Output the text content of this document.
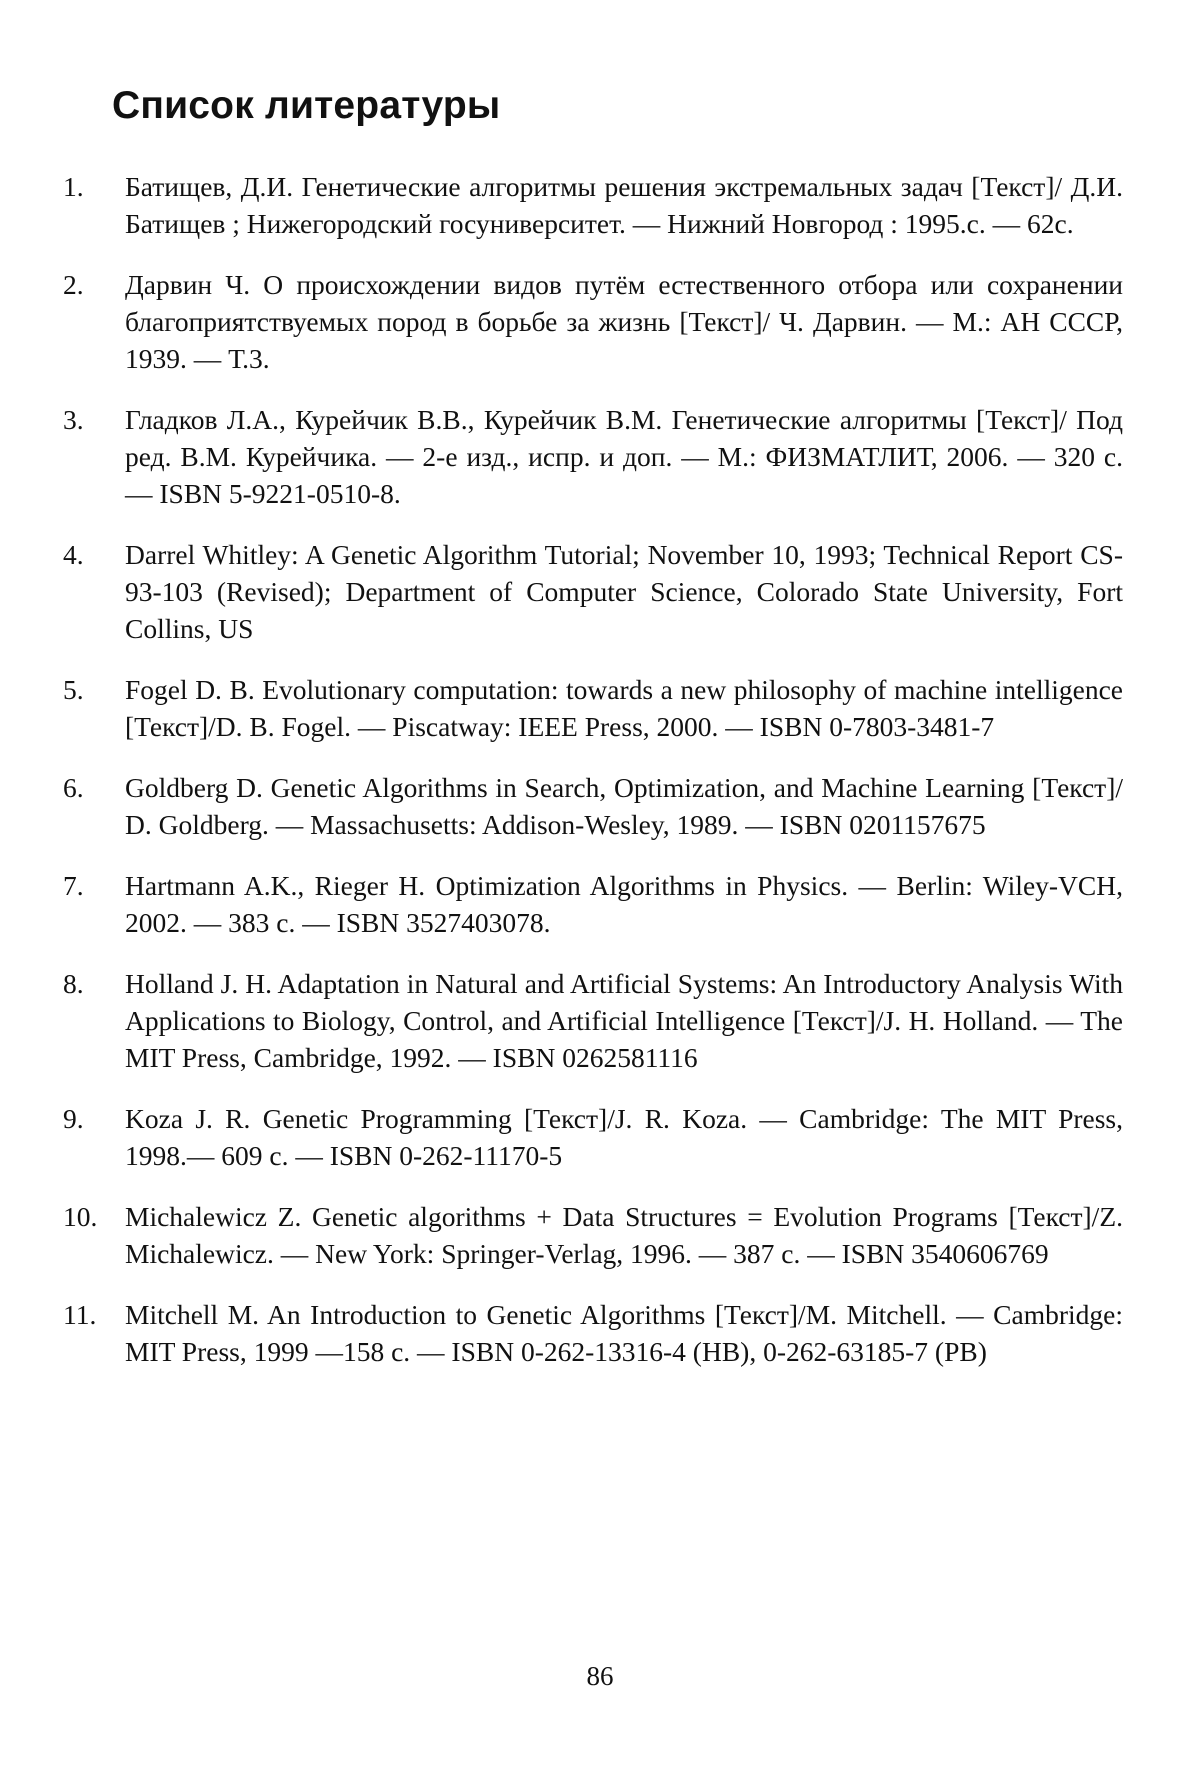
Список литературы
1.	Батищев, Д.И. Генетические алгоритмы решения экстремальных задач [Текст]/ Д.И. Батищев ; Нижегородский госуниверситет. — Нижний Новгород : 1995.с. — 62с.
2.	Дарвин Ч. О происхождении видов путём естественного отбора или сохранении благоприятствуемых пород в борьбе за жизнь [Текст]/ Ч. Дарвин. — М.: АН СССР, 1939. — Т.3.
3.	Гладков Л.А., Курейчик В.В., Курейчик В.М. Генетические алгоритмы [Текст]/ Под ред. В.М. Курейчика. — 2-е изд., испр. и доп. — М.: ФИЗМАТЛИТ, 2006. — 320 с. — ISBN 5-9221-0510-8.
4.	Darrel Whitley: A Genetic Algorithm Tutorial; November 10, 1993; Technical Report CS-93-103 (Revised); Department of Computer Science, Colorado State University, Fort Collins, US
5.	Fogel D. B. Evolutionary computation: towards a new philosophy of machine intelligence [Текст]/D. B. Fogel. — Piscatway: IEEE Press, 2000. — ISBN 0-7803-3481-7
6.	Goldberg D. Genetic Algorithms in Search, Optimization, and Machine Learning [Текст]/ D. Goldberg. — Massachusetts: Addison-Wesley, 1989. — ISBN 0201157675
7.	Hartmann A.K., Rieger H. Optimization Algorithms in Physics. — Berlin: Wiley-VCH, 2002. — 383 с. — ISBN 3527403078.
8.	Holland J. H. Adaptation in Natural and Artificial Systems: An Introductory Analysis With Applications to Biology, Control, and Artificial Intelligence [Текст]/J. H. Holland. — The MIT Press, Cambridge, 1992. — ISBN 0262581116
9.	Koza J. R. Genetic Programming [Текст]/J. R. Koza. — Cambridge: The MIT Press, 1998.— 609 с. — ISBN 0-262-11170-5
10.	Michalewicz Z. Genetic algorithms + Data Structures = Evolution Programs [Текст]/Z. Michalewicz. — New York: Springer-Verlag, 1996. — 387 с. — ISBN 3540606769
11.	Mitchell M. An Introduction to Genetic Algorithms [Текст]/M. Mitchell. — Cambridge: MIT Press, 1999 —158 с. — ISBN 0-262-13316-4 (HB), 0-262-63185-7 (PB)
86
